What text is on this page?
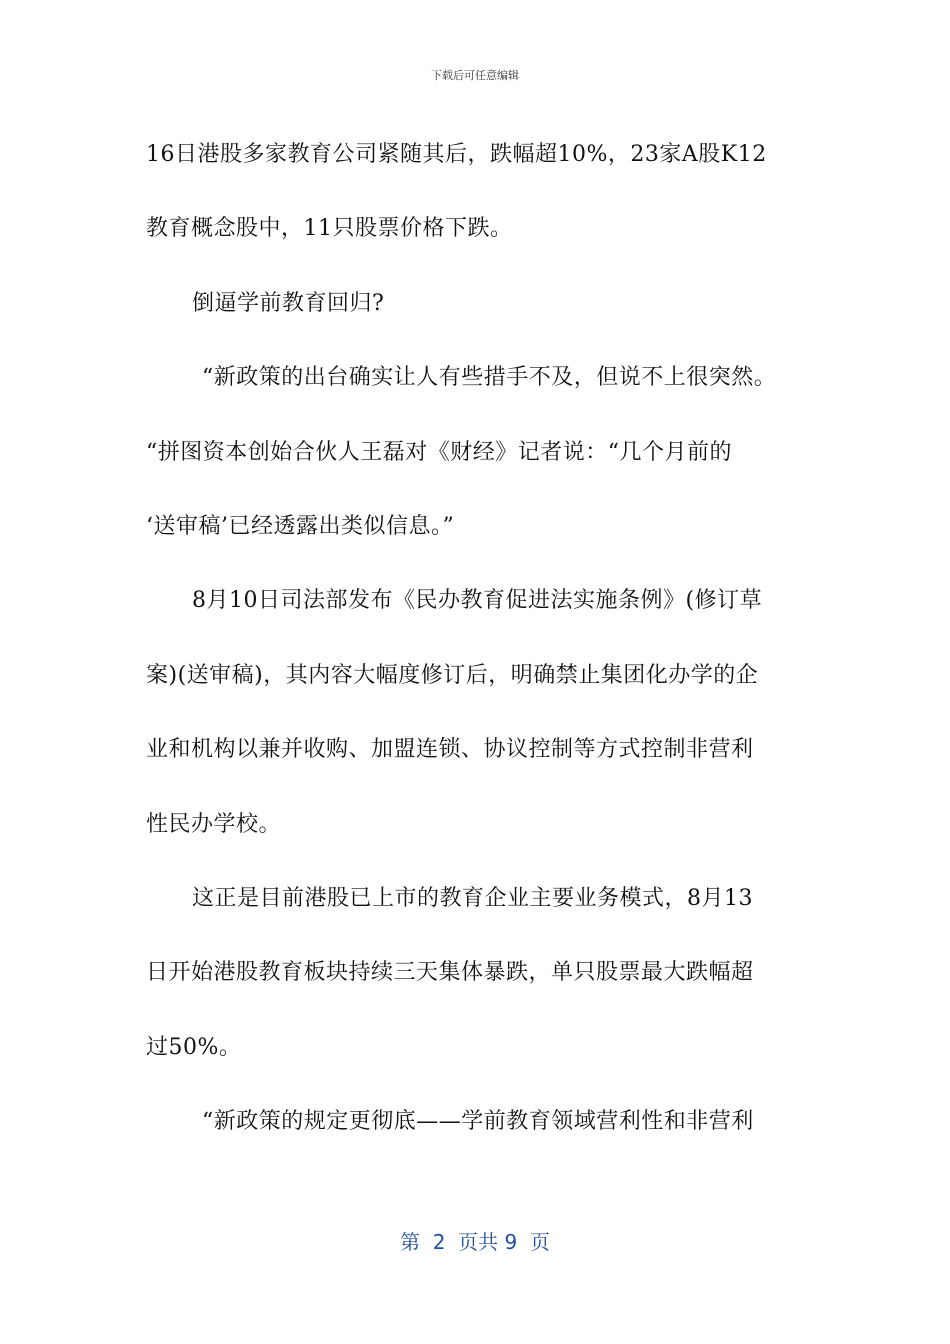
下载后可任意编辑
16日港股多家教育公司紧随其后，跌幅超10%，23家A股K12
教育概念股中，11只股票价格下跌。
倒逼学前教育回归?
“新政策的出台确实让人有些措手不及，但说不上很突然。
“拼图资本创始合伙人王磊对《财经》记者说：“几个月前的
‘送审稿’已经透露出类似信息。”
8月10日司法部发布《民办教育促进法实施条例》(修订草
案)(送审稿)，其内容大幅度修订后，明确禁止集团化办学的企
业和机构以兼并收购、加盟连锁、协议控制等方式控制非营利
性民办学校。
这正是目前港股已上市的教育企业主要业务模式，8月13
日开始港股教育板块持续三天集体暴跌，单只股票最大跌幅超
过50%。
“新政策的规定更彻底——学前教育领域营利性和非营利
第  2  页共 9  页
